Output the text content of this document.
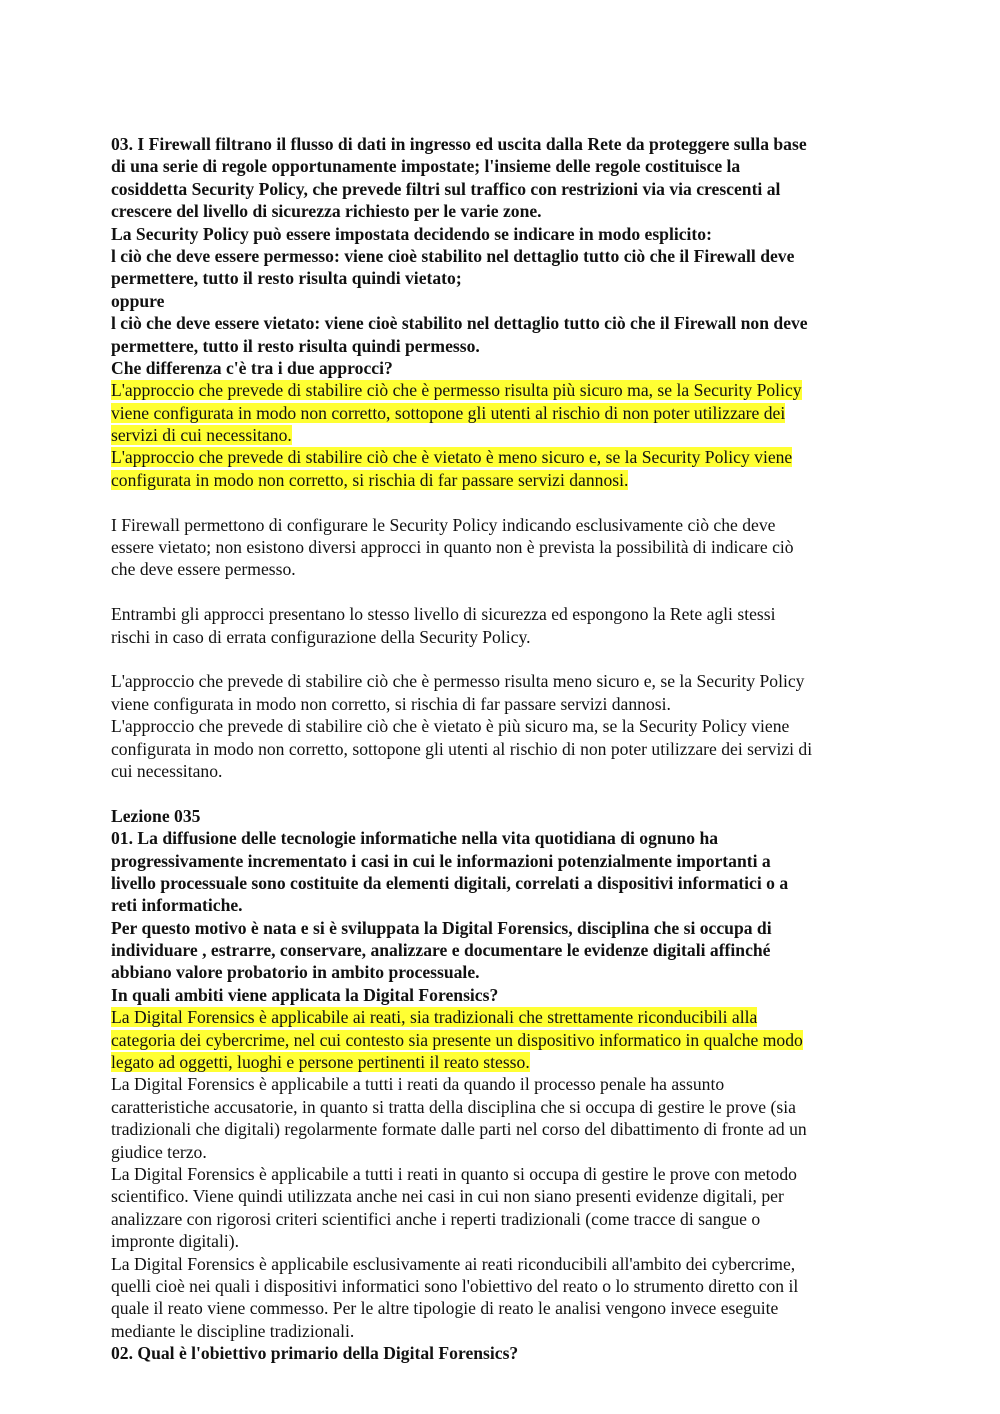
03. I Firewall filtrano il flusso di dati in ingresso ed uscita dalla Rete da proteggere sulla base
di una serie di regole opportunamente impostate; l'insieme delle regole costituisce la
cosiddetta Security Policy, che prevede filtri sul traffico con restrizioni via via crescenti al
crescere del livello di sicurezza richiesto per le varie zone.
La Security Policy può essere impostata decidendo se indicare in modo esplicito:
l ciò che deve essere permesso: viene cioè stabilito nel dettaglio tutto ciò che il Firewall deve
permettere, tutto il resto risulta quindi vietato;
oppure
l ciò che deve essere vietato: viene cioè stabilito nel dettaglio tutto ciò che il Firewall non deve
permettere, tutto il resto risulta quindi permesso.
Che differenza c'è tra i due approcci?
L'approccio che prevede di stabilire ciò che è permesso risulta più sicuro ma, se la Security Policy
viene configurata in modo non corretto, sottopone gli utenti al rischio di non poter utilizzare dei
servizi di cui necessitano.
L'approccio che prevede di stabilire ciò che è vietato è meno sicuro e, se la Security Policy viene
configurata in modo non corretto, si rischia di far passare servizi dannosi.
I Firewall permettono di configurare le Security Policy indicando esclusivamente ciò che deve
essere vietato; non esistono diversi approcci in quanto non è prevista la possibilità di indicare ciò
che deve essere permesso.
Entrambi gli approcci presentano lo stesso livello di sicurezza ed espongono la Rete agli stessi
rischi in caso di errata configurazione della Security Policy.
L'approccio che prevede di stabilire ciò che è permesso risulta meno sicuro e, se la Security Policy
viene configurata in modo non corretto, si rischia di far passare servizi dannosi.
L'approccio che prevede di stabilire ciò che è vietato è più sicuro ma, se la Security Policy viene
configurata in modo non corretto, sottopone gli utenti al rischio di non poter utilizzare dei servizi di
cui necessitano.
Lezione 035
01. La diffusione delle tecnologie informatiche nella vita quotidiana di ognuno ha
progressivamente incrementato i casi in cui le informazioni potenzialmente importanti a
livello processuale sono costituite da elementi digitali, correlati a dispositivi informatici o a
reti informatiche.
Per questo motivo è nata e si è sviluppata la Digital Forensics, disciplina che si occupa di
individuare , estrarre, conservare, analizzare e documentare le evidenze digitali affinché
abbiano valore probatorio in ambito processuale.
In quali ambiti viene applicata la Digital Forensics?
La Digital Forensics è applicabile ai reati, sia tradizionali che strettamente riconducibili alla
categoria dei cybercrime, nel cui contesto sia presente un dispositivo informatico in qualche modo
legato ad oggetti, luoghi e persone pertinenti il reato stesso.
La Digital Forensics è applicabile a tutti i reati da quando il processo penale ha assunto
caratteristiche accusatorie, in quanto si tratta della disciplina che si occupa di gestire le prove (sia
tradizionali che digitali) regolarmente formate dalle parti nel corso del dibattimento di fronte ad un
giudice terzo.
La Digital Forensics è applicabile a tutti i reati in quanto si occupa di gestire le prove con metodo
scientifico. Viene quindi utilizzata anche nei casi in cui non siano presenti evidenze digitali, per
analizzare con rigorosi criteri scientifici anche i reperti tradizionali (come tracce di sangue o
impronte digitali).
La Digital Forensics è applicabile esclusivamente ai reati riconducibili all'ambito dei cybercrime,
quelli cioè nei quali i dispositivi informatici sono l'obiettivo del reato o lo strumento diretto con il
quale il reato viene commesso. Per le altre tipologie di reato le analisi vengono invece eseguite
mediante le discipline tradizionali.
02. Qual è l'obiettivo primario della Digital Forensics?
